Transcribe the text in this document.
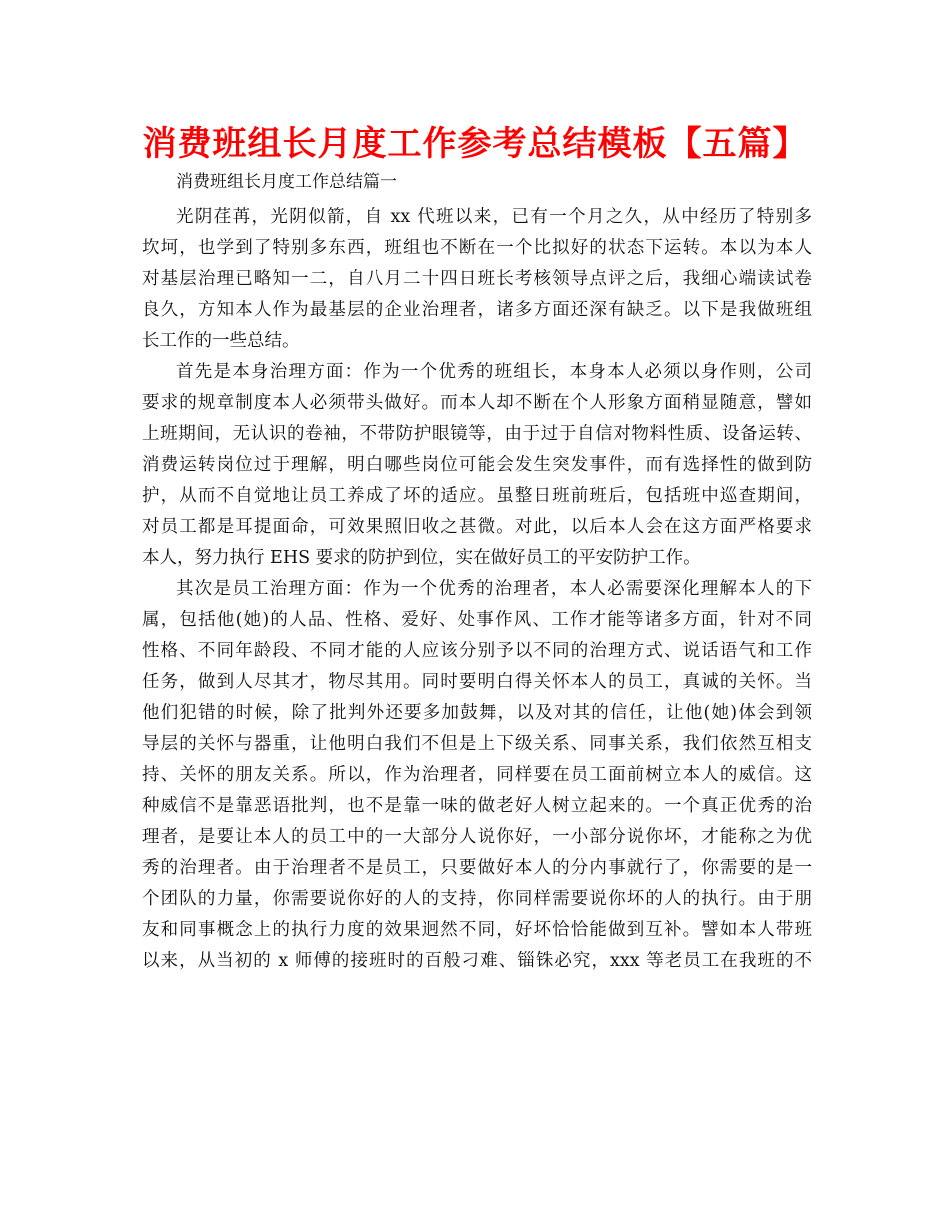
消费班组长月度工作参考总结模板【五篇】
消费班组长月度工作总结篇一
光阴荏苒，光阴似箭，自 xx 代班以来，已有一个月之久，从中经历了特别多
坎坷，也学到了特别多东西，班组也不断在一个比拟好的状态下运转。本以为本人
对基层治理已略知一二，自八月二十四日班长考核领导点评之后，我细心端读试卷
良久，方知本人作为最基层的企业治理者，诸多方面还深有缺乏。以下是我做班组
长工作的一些总结。
首先是本身治理方面：作为一个优秀的班组长，本身本人必须以身作则，公司
要求的规章制度本人必须带头做好。而本人却不断在个人形象方面稍显随意，譬如
上班期间，无认识的卷袖，不带防护眼镜等，由于过于自信对物料性质、设备运转、
消费运转岗位过于理解，明白哪些岗位可能会发生突发事件，而有选择性的做到防
护，从而不自觉地让员工养成了坏的适应。虽整日班前班后，包括班中巡查期间，
对员工都是耳提面命，可效果照旧收之甚微。对此，以后本人会在这方面严格要求
本人，努力执行 EHS 要求的防护到位，实在做好员工的平安防护工作。
其次是员工治理方面：作为一个优秀的治理者，本人必需要深化理解本人的下
属，包括他(她)的人品、性格、爱好、处事作风、工作才能等诸多方面，针对不同
性格、不同年龄段、不同才能的人应该分别予以不同的治理方式、说话语气和工作
任务，做到人尽其才，物尽其用。同时要明白得关怀本人的员工，真诚的关怀。当
他们犯错的时候，除了批判外还要多加鼓舞，以及对其的信任，让他(她)体会到领
导层的关怀与器重，让他明白我们不但是上下级关系、同事关系，我们依然互相支
持、关怀的朋友关系。所以，作为治理者，同样要在员工面前树立本人的威信。这
种威信不是靠恶语批判，也不是靠一味的做老好人树立起来的。一个真正优秀的治
理者，是要让本人的员工中的一大部分人说你好，一小部分说你坏，才能称之为优
秀的治理者。由于治理者不是员工，只要做好本人的分内事就行了，你需要的是一
个团队的力量，你需要说你好的人的支持，你同样需要说你坏的人的执行。由于朋
友和同事概念上的执行力度的效果迥然不同，好坏恰恰能做到互补。譬如本人带班
以来，从当初的 x 师傅的接班时的百般刁难、锱铢必究，xxx 等老员工在我班的不
